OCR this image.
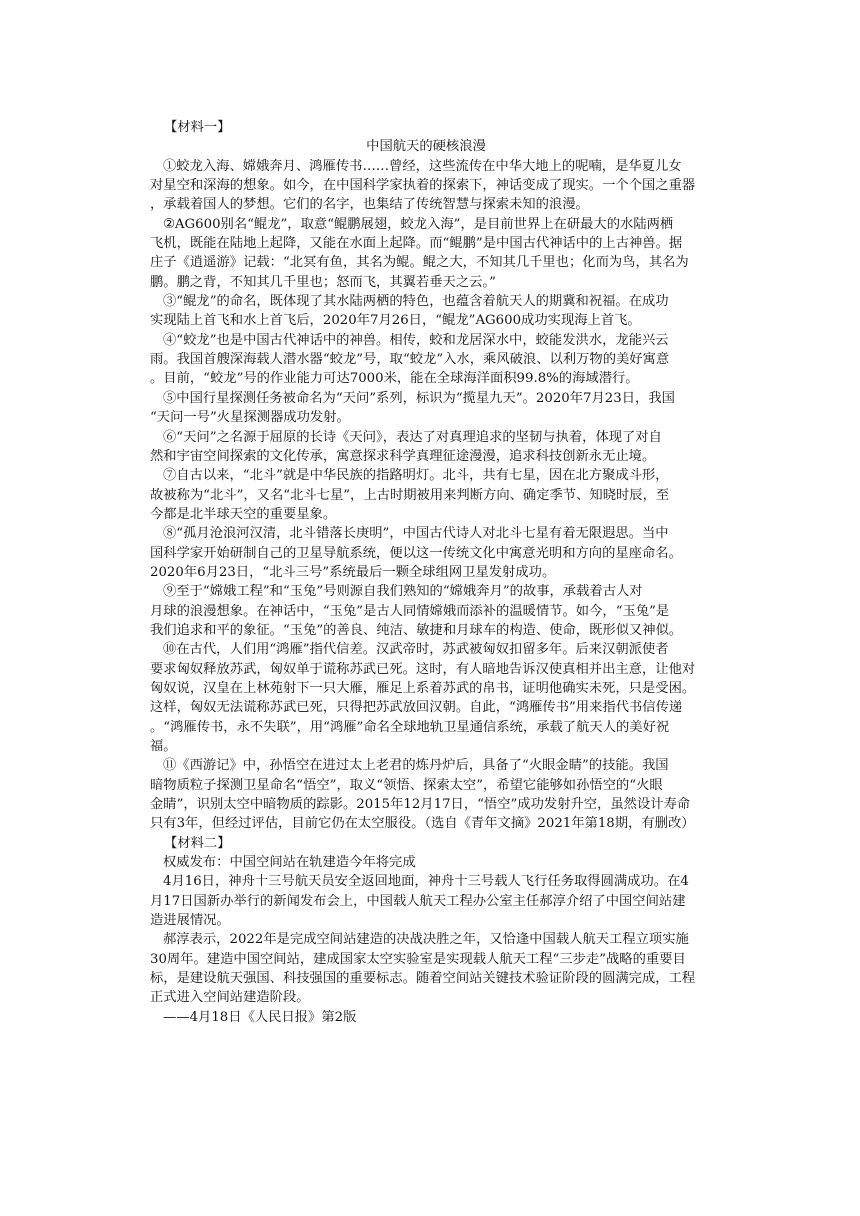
【材料一】
中国航天的硬核浪漫
①蛟龙入海、嫦娥奔月、鸿雁传书……曾经，这些流传在中华大地上的呢喃，是华夏儿女
对星空和深海的想象。如今，在中国科学家执着的探索下，神话变成了现实。一个个国之重器
，承载着国人的梦想。它们的名字，也集结了传统智慧与探索未知的浪漫。
②AG600别名“鲲龙”，取意“鲲鹏展翅，蛟龙入海”，是目前世界上在研最大的水陆两栖
飞机，既能在陆地上起降，又能在水面上起降。而“鲲鹏”是中国古代神话中的上古神兽。据
庄子《逍遥游》记载：“北冥有鱼，其名为鲲。鲲之大，不知其几千里也；化而为鸟，其名为
鹏。鹏之背，不知其几千里也；怒而飞，其翼若垂天之云。”
③“鲲龙”的命名，既体现了其水陆两栖的特色，也蕴含着航天人的期冀和祝福。在成功
实现陆上首飞和水上首飞后，2020年7月26日，“鲲龙”AG600成功实现海上首飞。
④“蛟龙”也是中国古代神话中的神兽。相传，蛟和龙居深水中，蛟能发洪水，龙能兴云
雨。我国首艘深海载人潜水器“蛟龙”号，取“蛟龙”入水，乘风破浪、以利万物的美好寓意
。目前，“蛟龙”号的作业能力可达7000米，能在全球海洋面积99.8%的海域潜行。
⑤中国行星探测任务被命名为“天问”系列，标识为“揽星九天”。2020年7月23日，我国
“天问一号”火星探测器成功发射。
⑥“天问”之名源于屈原的长诗《天问》，表达了对真理追求的坚韧与执着，体现了对自
然和宇宙空间探索的文化传承，寓意探求科学真理征途漫漫，追求科技创新永无止境。
⑦自古以来，“北斗”就是中华民族的指路明灯。北斗，共有七星，因在北方聚成斗形，
故被称为“北斗”，又名“北斗七星”，上古时期被用来判断方向、确定季节、知晓时辰，至
今都是北半球天空的重要星象。
⑧“孤月沧浪河汉清，北斗错落长庚明”，中国古代诗人对北斗七星有着无限遐思。当中
国科学家开始研制自己的卫星导航系统，便以这一传统文化中寓意光明和方向的星座命名。
2020年6月23日，“北斗三号”系统最后一颗全球组网卫星发射成功。
⑨至于“嫦娥工程”和“玉兔”号则源自我们熟知的“嫦娥奔月”的故事，承载着古人对
月球的浪漫想象。在神话中，“玉兔”是古人同情嫦娥而添补的温暖情节。如今，“玉兔”是
我们追求和平的象征。“玉兔”的善良、纯洁、敏捷和月球车的构造、使命，既形似又神似。
⑩在古代，人们用“鸿雁”指代信差。汉武帝时，苏武被匈奴扣留多年。后来汉朝派使者
要求匈奴释放苏武，匈奴单于谎称苏武已死。这时，有人暗地告诉汉使真相并出主意，让他对
匈奴说，汉皇在上林苑射下一只大雁，雁足上系着苏武的帛书，证明他确实未死，只是受困。
这样，匈奴无法谎称苏武已死，只得把苏武放回汉朝。自此，“鸿雁传书”用来指代书信传递
。“鸿雁传书，永不失联”，用“鸿雁”命名全球地轨卫星通信系统，承载了航天人的美好祝
福。
⑪《西游记》中，孙悟空在进过太上老君的炼丹炉后，具备了“火眼金睛”的技能。我国
暗物质粒子探测卫星命名“悟空”，取义“领悟、探索太空”，希望它能够如孙悟空的“火眼
金睛”，识别太空中暗物质的踪影。2015年12月17日，“悟空”成功发射升空，虽然设计寿命
只有3年，但经过评估，目前它仍在太空服役。（选自《青年文摘》2021年第18期，有删改）
【材料二】
权威发布：中国空间站在轨建造今年将完成
4月16日，神舟十三号航天员安全返回地面，神舟十三号载人飞行任务取得圆满成功。在4
月17日国新办举行的新闻发布会上，中国载人航天工程办公室主任郝淳介绍了中国空间站建
造进展情况。
郝淳表示，2022年是完成空间站建造的决战决胜之年，又恰逢中国载人航天工程立项实施
30周年。建造中国空间站，建成国家太空实验室是实现载人航天工程“三步走”战略的重要目
标，是建设航天强国、科技强国的重要标志。随着空间站关键技术验证阶段的圆满完成，工程
正式进入空间站建造阶段。
——4月18日《人民日报》第2版
